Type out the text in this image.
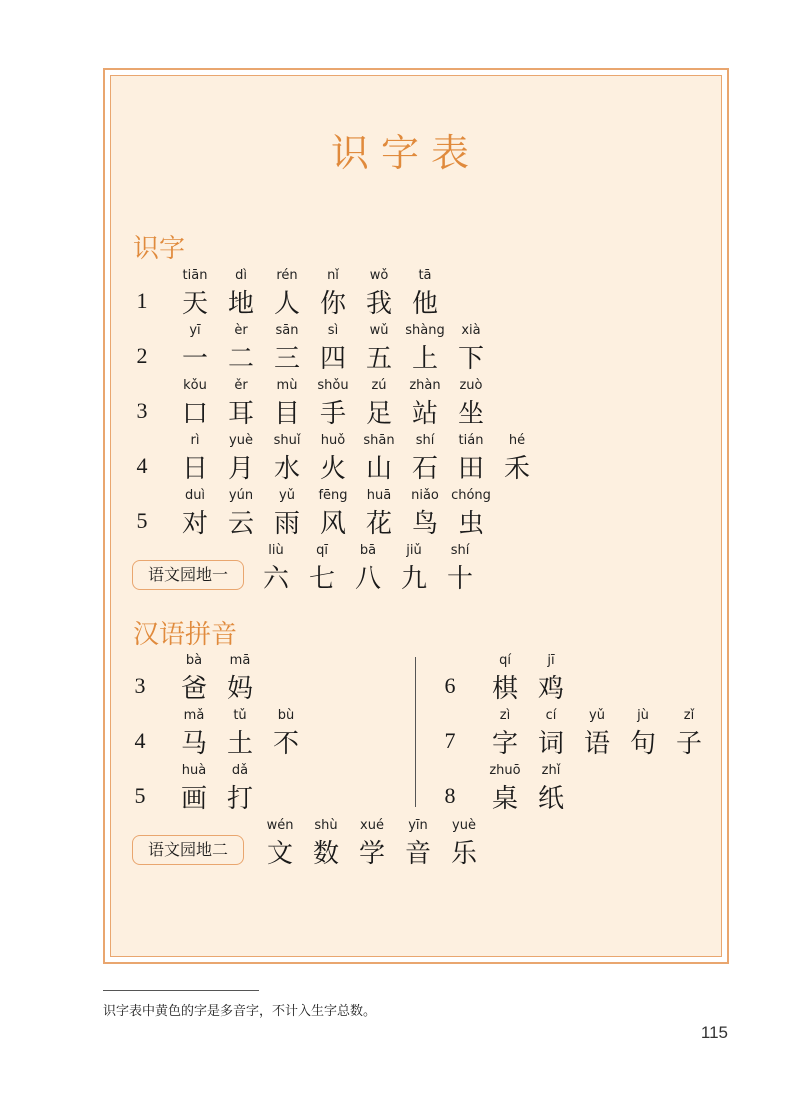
识字表
识字
汉语拼音
1
tiān
天
dì
地
rén
人
nǐ
你
wǒ
我
tā
他
2
yī
一
èr
二
sān
三
sì
四
wǔ
五
shàng
上
xià
下
3
kǒu
口
ěr
耳
mù
目
shǒu
手
zú
足
zhàn
站
zuò
坐
4
rì
日
yuè
月
shuǐ
水
huǒ
火
shān
山
shí
石
tián
田
hé
禾
5
duì
对
yún
云
yǔ
雨
fēng
风
huā
花
niǎo
鸟
chóng
虫
语文园地一
liù
六
qī
七
bā
八
jiǔ
九
shí
十
3
bà
爸
mā
妈
4
mǎ
马
tǔ
土
bù
不
5
huà
画
dǎ
打
6
qí
棋
jī
鸡
7
zì
字
cí
词
yǔ
语
jù
句
zǐ
子
8
zhuō
桌
zhǐ
纸
语文园地二
wén
文
shù
数
xué
学
yīn
音
yuè
乐
识字表中黄色的字是多音字，不计入生字总数。
115
